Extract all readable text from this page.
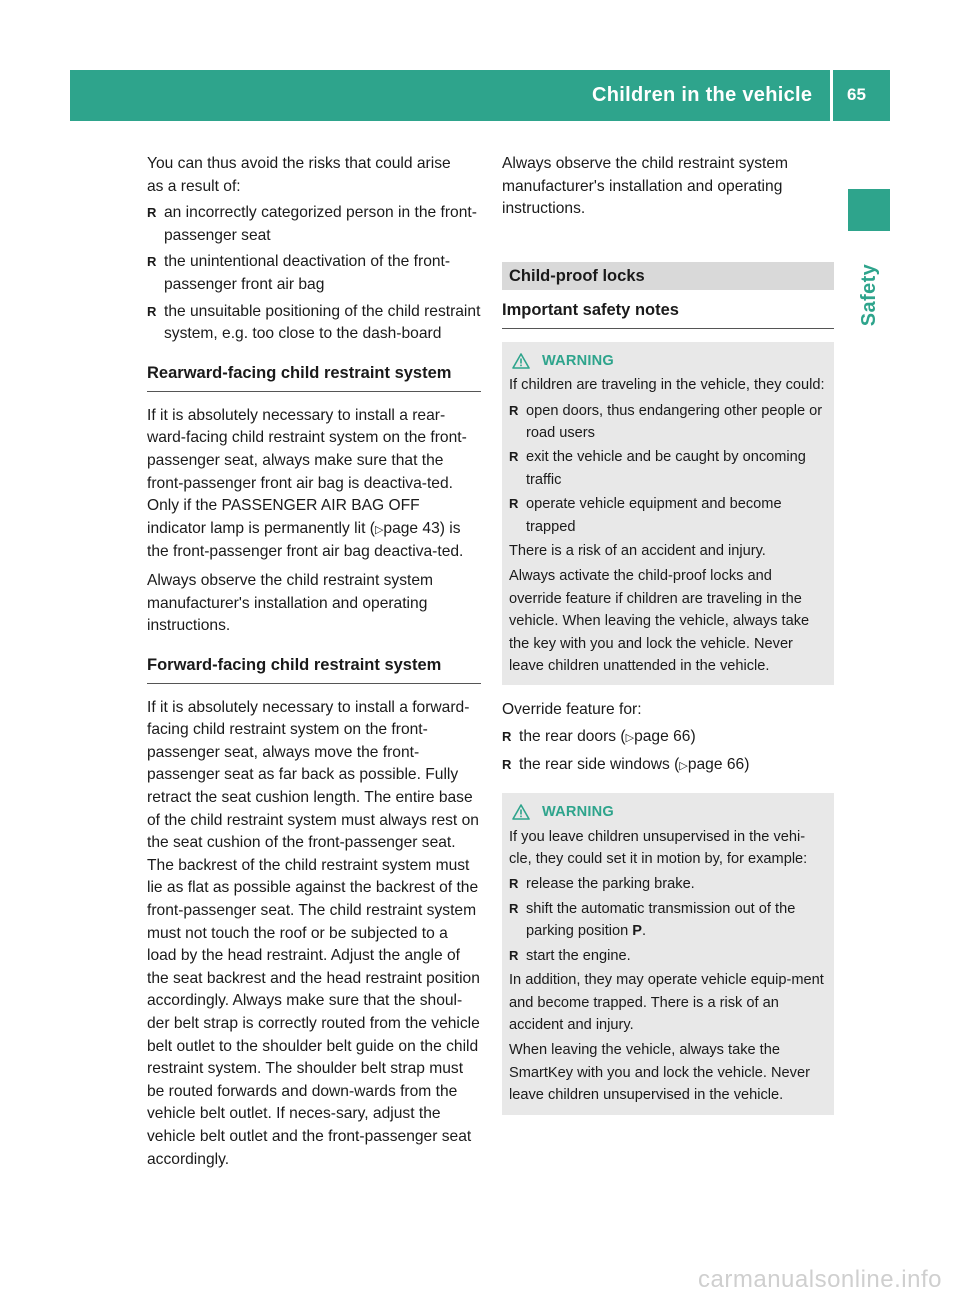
Children in the vehicle 65
Safety

You can thus avoid the risks that could arise
as a result of:

R an incorrectly categorized person in the front-passenger seat
R the unintentional deactivation of the front-passenger front air bag
R the unsuitable positioning of the child restraint system, e.g. too close to the dash-board
Rearward-facing child restraint system

If it is absolutely necessary to install a rear-ward-facing child restraint system on the front-passenger seat, always make sure that the front-passenger front air bag is deactiva-ted. Only if the PASSENGER AIR BAG OFF indicator lamp is permanently lit (▷page 43) is the front-passenger front air bag deactiva-ted.

Always observe the child restraint system manufacturer's installation and operating instructions.

Forward-facing child restraint system

If it is absolutely necessary to install a forward-facing child restraint system on the front-passenger seat, always move the front-passenger seat as far back as possible. Fully retract the seat cushion length. The entire base of the child restraint system must always rest on the seat cushion of the front-passenger seat. The backrest of the child restraint system must lie as flat as possible against the backrest of the front-passenger seat. The child restraint system must not touch the roof or be subjected to a load by the head restraint. Adjust the angle of the seat backrest and the head restraint position accordingly. Always make sure that the shoul-der belt strap is correctly routed from the vehicle belt outlet to the shoulder belt guide on the child restraint system. The shoulder belt strap must be routed forwards and down-wards from the vehicle belt outlet. If neces-sary, adjust the vehicle belt outlet and the front-passenger seat accordingly.

Always observe the child restraint system manufacturer's installation and operating instructions.

Child-proof locks
Important safety notes
WARNING

If children are traveling in the vehicle, they could:

R open doors, thus endangering other people or road users
R exit the vehicle and be caught by oncoming traffic
R operate vehicle equipment and become trapped

There is a risk of an accident and injury.

Always activate the child-proof locks and override feature if children are traveling in the vehicle. When leaving the vehicle, always take the key with you and lock the vehicle. Never leave children unattended in the vehicle.

Override feature for:

R the rear doors (▷page 66)
R the rear side windows (▷page 66)
WARNING

If you leave children unsupervised in the vehi-cle, they could set it in motion by, for example:

R release the parking brake.
R shift the automatic transmission out of the parking position P.
R start the engine.

In addition, they may operate vehicle equip-ment and become trapped. There is a risk of an accident and injury.

When leaving the vehicle, always take the SmartKey with you and lock the vehicle. Never leave children unsupervised in the vehicle.

carmanualsonline.info
